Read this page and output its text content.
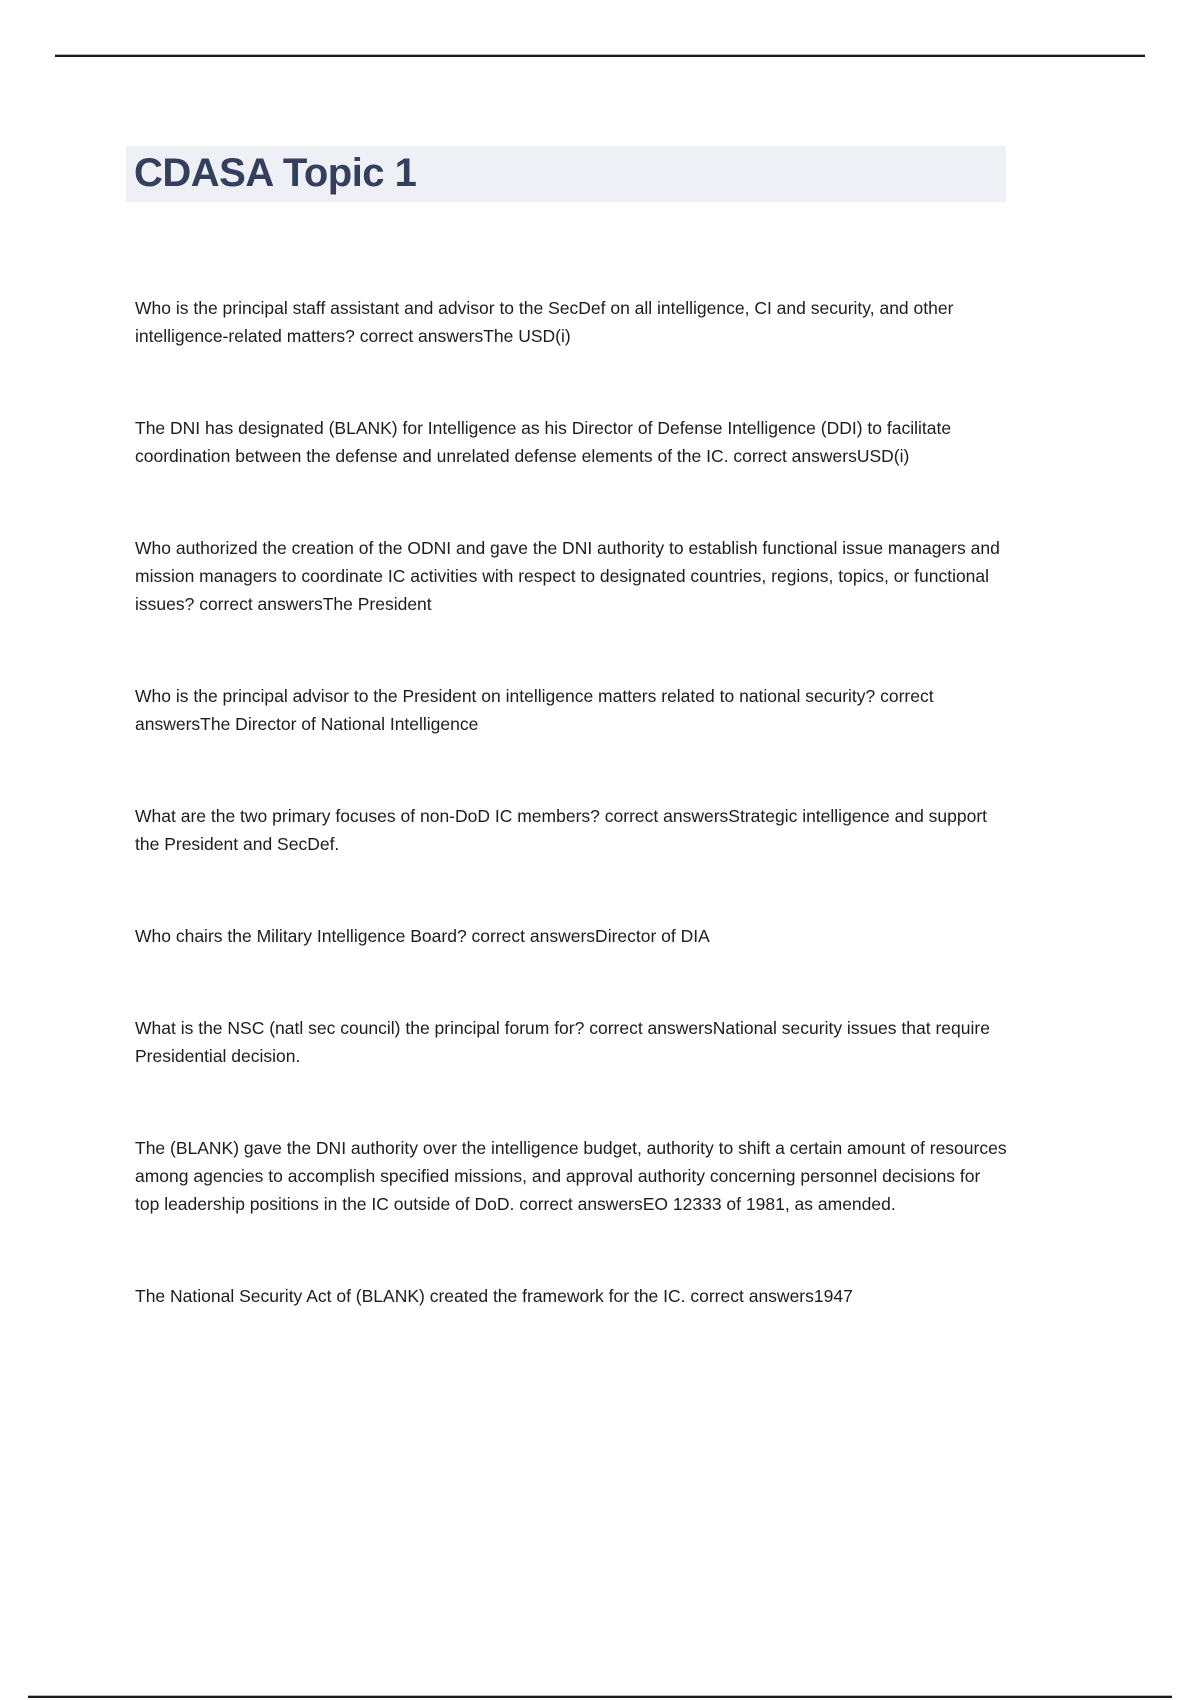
CDASA Topic 1

Who is the principal staff assistant and advisor to the SecDef on all intelligence, CI and security, and other intelligence-related matters? correct answersThe USD(i)

The DNI has designated (BLANK) for Intelligence as his Director of Defense Intelligence (DDI) to facilitate coordination between the defense and unrelated defense elements of the IC. correct answersUSD(i)

Who authorized the creation of the ODNI and gave the DNI authority to establish functional issue managers and mission managers to coordinate IC activities with respect to designated countries, regions, topics, or functional issues? correct answersThe President

Who is the principal advisor to the President on intelligence matters related to national security? correct answersThe Director of National Intelligence

What are the two primary focuses of non-DoD IC members? correct answersStrategic intelligence and support the President and SecDef.

Who chairs the Military Intelligence Board? correct answersDirector of DIA

What is the NSC (natl sec council) the principal forum for? correct answersNational security issues that require Presidential decision.

The (BLANK) gave the DNI authority over the intelligence budget, authority to shift a certain amount of resources among agencies to accomplish specified missions, and approval authority concerning personnel decisions for top leadership positions in the IC outside of DoD. correct answersEO 12333 of 1981, as amended.

The National Security Act of (BLANK) created the framework for the IC. correct answers1947
